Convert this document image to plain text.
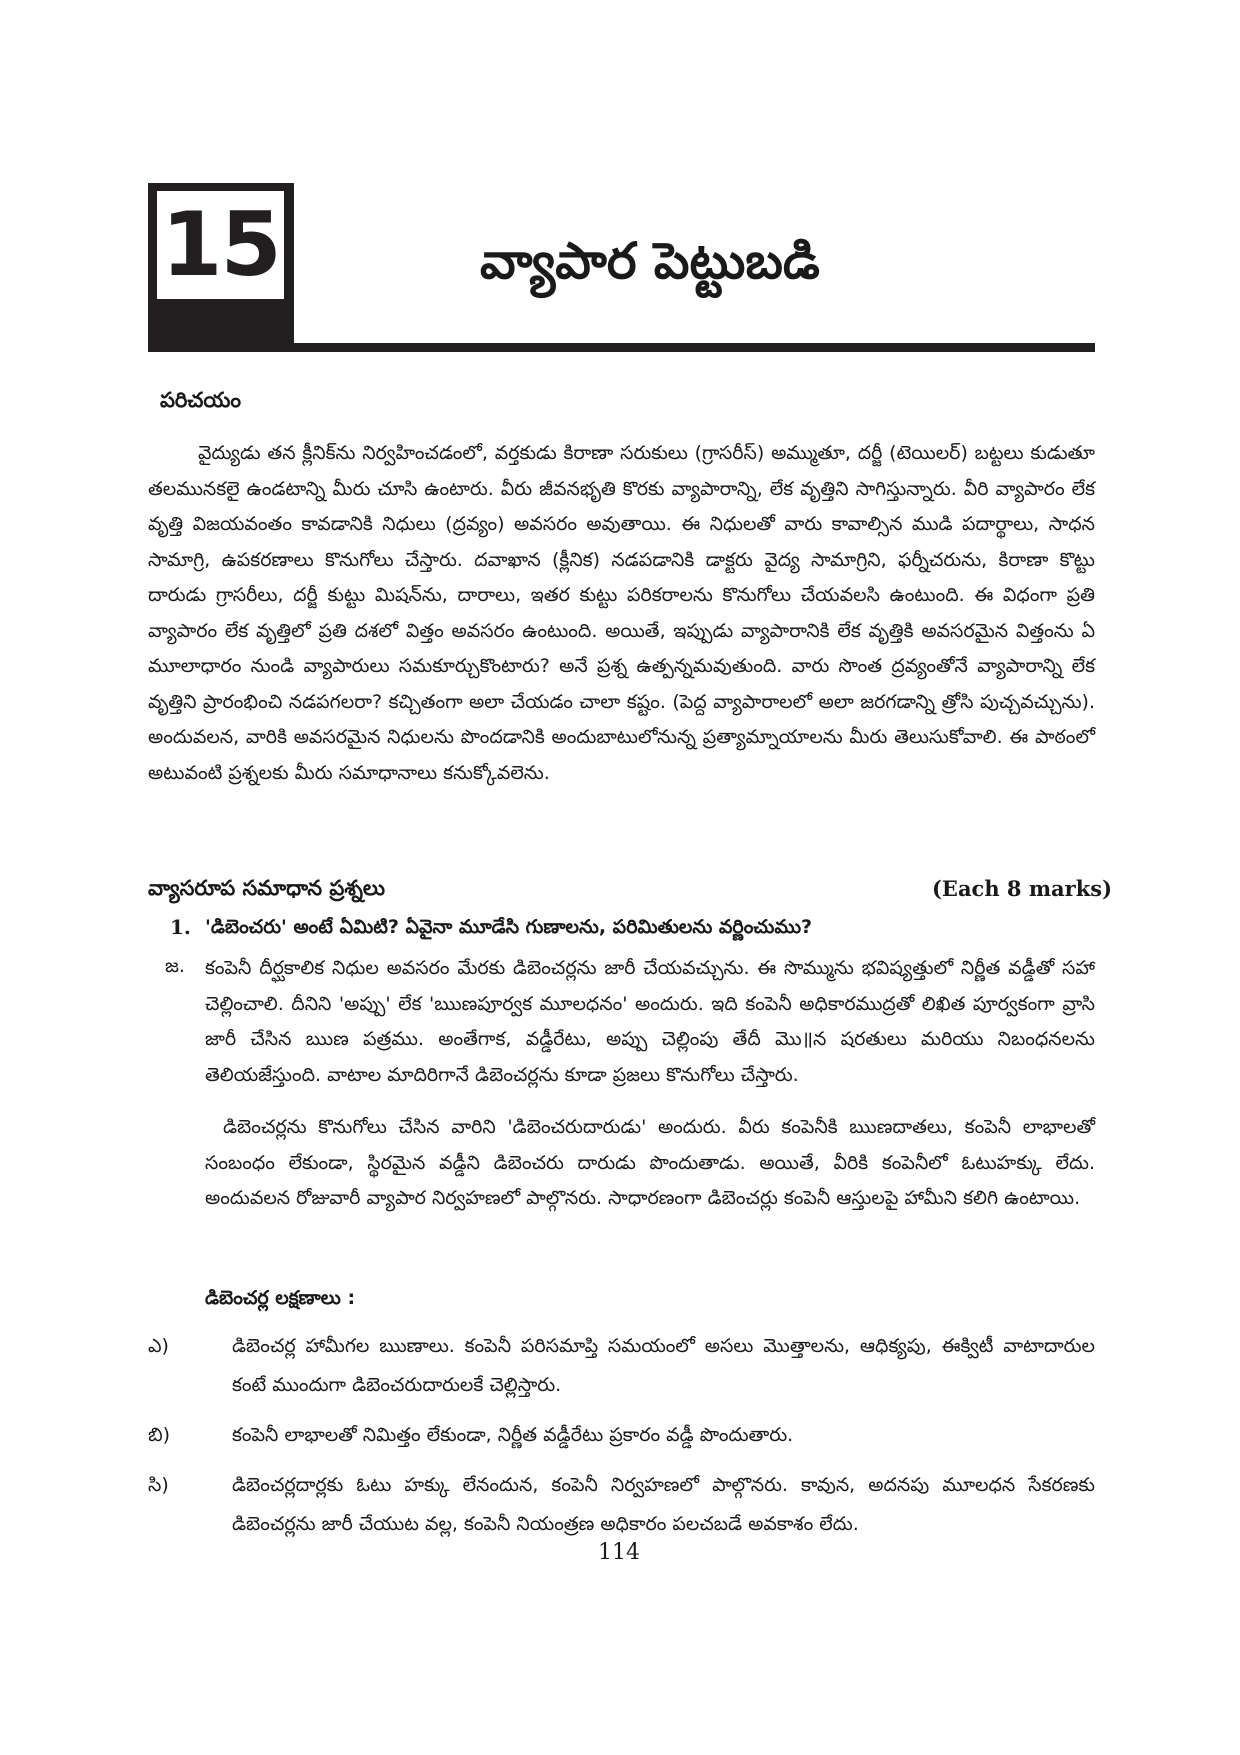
15	వ్యాపార పెట్టుబడి
పరిచయం
వైద్యుడు తన క్లీనిక్‌ను నిర్వహించడంలో, వర్తకుడు కిరాణా సరుకులు (గ్రాసరీస్) అమ్ముతూ, దర్జీ (టెయిలర్) బట్టలు కుడుతూ తలమునకలై ఉండటాన్ని మీరు చూసి ఉంటారు. వీరు జీవనభృతి కొరకు వ్యాపారాన్ని, లేక వృత్తిని సాగిస్తున్నారు. వీరి వ్యాపారం లేక వృత్తి విజయవంతం కావడానికి నిధులు (ద్రవ్యం) అవసరం అవుతాయి. ఈ నిధులతో వారు కావాల్సిన ముడి పదార్థాలు, సాధన సామాగ్రి, ఉపకరణాలు కొనుగోలు చేస్తారు. దవాఖాన (క్లీనిక) నడపడానికి డాక్టరు వైద్య సామాగ్రిని, ఫర్నీచరును, కిరాణా కొట్టు దారుడు గ్రాసరీలు, దర్జీ కుట్టు మిషన్‌ను, దారాలు, ఇతర కుట్టు పరికరాలను కొనుగోలు చేయవలసి ఉంటుంది. ఈ విధంగా ప్రతి వ్యాపారం లేక వృత్తిలో ప్రతి దశలో విత్తం అవసరం ఉంటుంది. అయితే, ఇప్పుడు వ్యాపారానికి లేక వృత్తికి అవసరమైన విత్తంను ఏ మూలాధారం నుండి వ్యాపారులు సమకూర్చుకొంటారు? అనే ప్రశ్న ఉత్పన్నమవుతుంది. వారు సొంత ద్రవ్యంతోనే వ్యాపారాన్ని లేక వృత్తిని ప్రారంభించి నడపగలరా? కచ్చితంగా అలా చేయడం చాలా కష్టం. (పెద్ద వ్యాపారాలలో అలా జరగడాన్ని త్రోసి పుచ్చవచ్చును). అందువలన, వారికి అవసరమైన నిధులను పొందడానికి అందుబాటులోనున్న ప్రత్యామ్నాయాలను మీరు తెలుసుకోవాలి. ఈ పాఠంలో అటువంటి ప్రశ్నలకు మీరు సమాధానాలు కనుక్కోవలెను.
వ్యాసరూప సమాధాన ప్రశ్నలు	(Each 8 marks)
1. 'డిబెంచరు' అంటే ఏమిటి? ఏవైనా మూడేసి గుణాలను, పరిమితులను వర్ణించుము?
జ. కంపెనీ దీర్ఘకాలిక నిధుల అవసరం మేరకు డిబెంచర్లను జారీ చేయవచ్చును. ఈ సొమ్మును భవిష్యత్తులో నిర్ణీత వడ్డీతో సహా చెల్లించాలి. దీనిని 'అప్పు' లేక 'ఋణపూర్వక మూలధనం' అందురు. ఇది కంపెనీ అధికారముద్రతో లిఖిత పూర్వకంగా వ్రాసి జారీ చేసిన ఋణ పత్రము. అంతేగాక, వడ్డీరేటు, అప్పు చెల్లింపు తేదీ మొ॥న షరతులు మరియు నిబంధనలను తెలియజేస్తుంది. వాటాల మాదిరిగానే డిబెంచర్లను కూడా ప్రజలు కొనుగోలు చేస్తారు.
డిబెంచర్లను కొనుగోలు చేసిన వారిని 'డిబెంచరుదారుడు' అందురు. వీరు కంపెనీకి ఋణదాతలు, కంపెనీ లాభాలతో సంబంధం లేకుండా, స్థిరమైన వడ్డీని డిబెంచరు దారుడు పొందుతాడు. అయితే, వీరికి కంపెనీలో ఓటుహక్కు లేదు. అందువలన రోజువారీ వ్యాపార నిర్వహణలో పాల్గొనరు. సాధారణంగా డిబెంచర్లు కంపెనీ ఆస్తులపై హామీని కలిగి ఉంటాయి.
డిబెంచర్ల లక్షణాలు :
ఎ)	డిబెంచర్ల హామీగల ఋణాలు. కంపెనీ పరిసమాప్తి సమయంలో అసలు మొత్తాలను, ఆధిక్యపు, ఈక్విటీ వాటాదారుల కంటే ముందుగా డిబెంచరుదారులకే చెల్లిస్తారు.
బి)	కంపెనీ లాభాలతో నిమిత్తం లేకుండా, నిర్ణీత వడ్డీరేటు ప్రకారం వడ్డీ పొందుతారు.
సి)	డిబెంచర్లదార్లకు ఓటు హక్కు లేనందున, కంపెనీ నిర్వహణలో పాల్గొనరు. కావున, అదనపు మూలధన సేకరణకు డిబెంచర్లను జారీ చేయుట వల్ల, కంపెనీ నియంత్రణ అధికారం పలచబడే అవకాశం లేదు.
114
